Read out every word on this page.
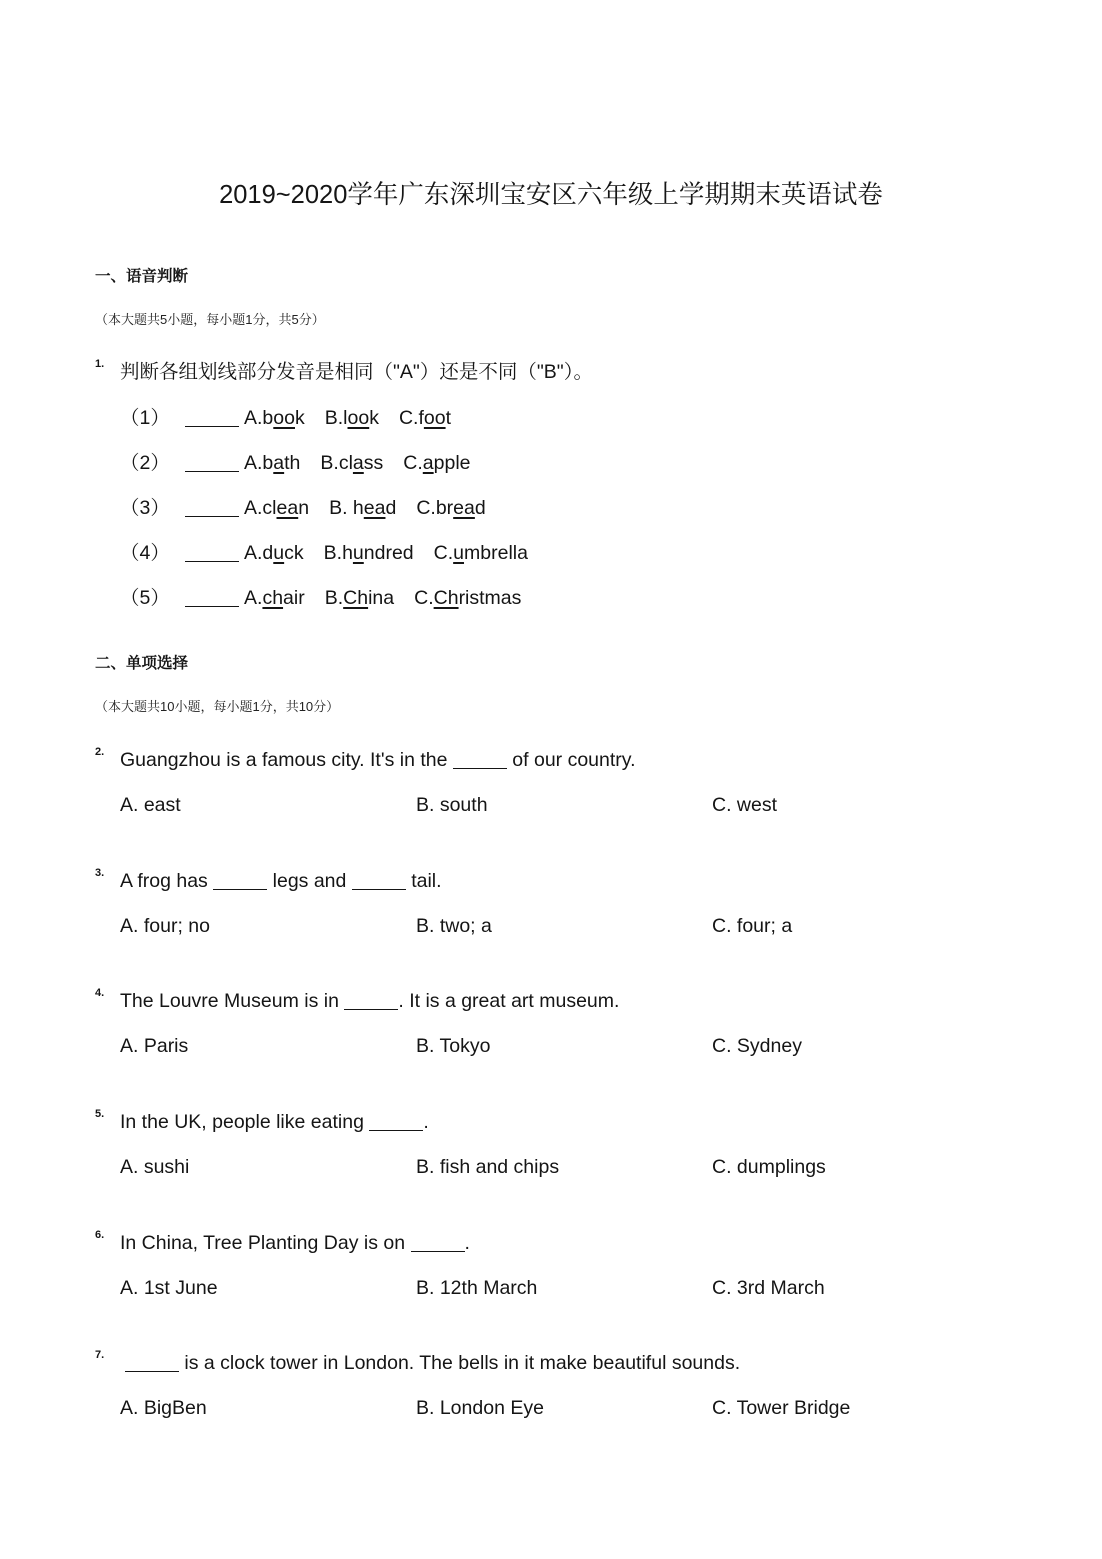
2019~2020学年广东深圳宝安区六年级上学期期末英语试卷
一、语音判断
（本大题共5小题，每小题1分，共5分）
1. 判断各组划线部分发音是相同（"A"）还是不同（"B"）。
（1）	A.book B.look C.foot
（2）	A.bath B.class C.apple
（3）	A.clean B. head C.bread
（4）	A.duck B.hundred C.umbrella
（5）	A.chair B.China C.Christmas
二、单项选择
（本大题共10小题，每小题1分，共10分）
2. Guangzhou is a famous city. It's in the	of our country.
A. east	B. south	C. west
3. A frog has	legs and	tail.
A. four; no	B. two; a	C. four; a
4. The Louvre Museum is in	. It is a great art museum.
A. Paris	B. Tokyo	C. Sydney
5. In the UK, people like eating	.
A. sushi	B. fish and chips	C. dumplings
6. In China, Tree Planting Day is on	.
A. 1st June	B. 12th March	C. 3rd March
7.	is a clock tower in London. The bells in it make beautiful sounds.
A. BigBen	B. London Eye	C. Tower Bridge
